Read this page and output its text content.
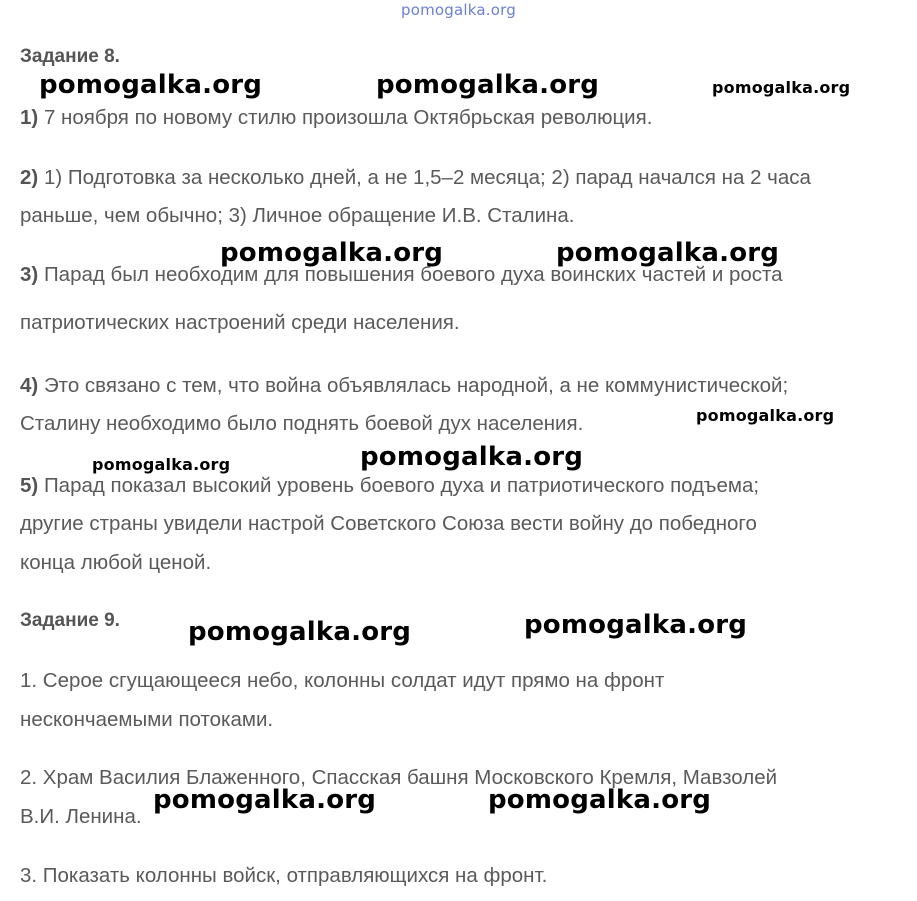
pomogalka.org
Задание 8.
1) 7 ноября по новому стилю произошла Октябрьская революция.
2) 1) Подготовка за несколько дней, а не 1,5–2 месяца; 2) парад начался на 2 часа
раньше, чем обычно; 3) Личное обращение И.В. Сталина.
3) Парад был необходим для повышения боевого духа воинских частей и роста
патриотических настроений среди населения.
4) Это связано с тем, что война объявлялась народной, а не коммунистической;
Сталину необходимо было поднять боевой дух населения.
5) Парад показал высокий уровень боевого духа и патриотического подъема;
другие страны увидели настрой Советского Союза вести войну до победного
конца любой ценой.
Задание 9.
1. Серое сгущающееся небо, колонны солдат идут прямо на фронт
нескончаемыми потоками.
2. Храм Василия Блаженного, Спасская башня Московского Кремля, Мавзолей
В.И. Ленина.
3. Показать колонны войск, отправляющихся на фронт.
pomogalka.org	pomogalka.org	pomogalka.org
pomogalka.org	pomogalka.org
pomogalka.org
pomogalka.org	pomogalka.org
pomogalka.org	pomogalka.org
pomogalka.org	pomogalka.org
